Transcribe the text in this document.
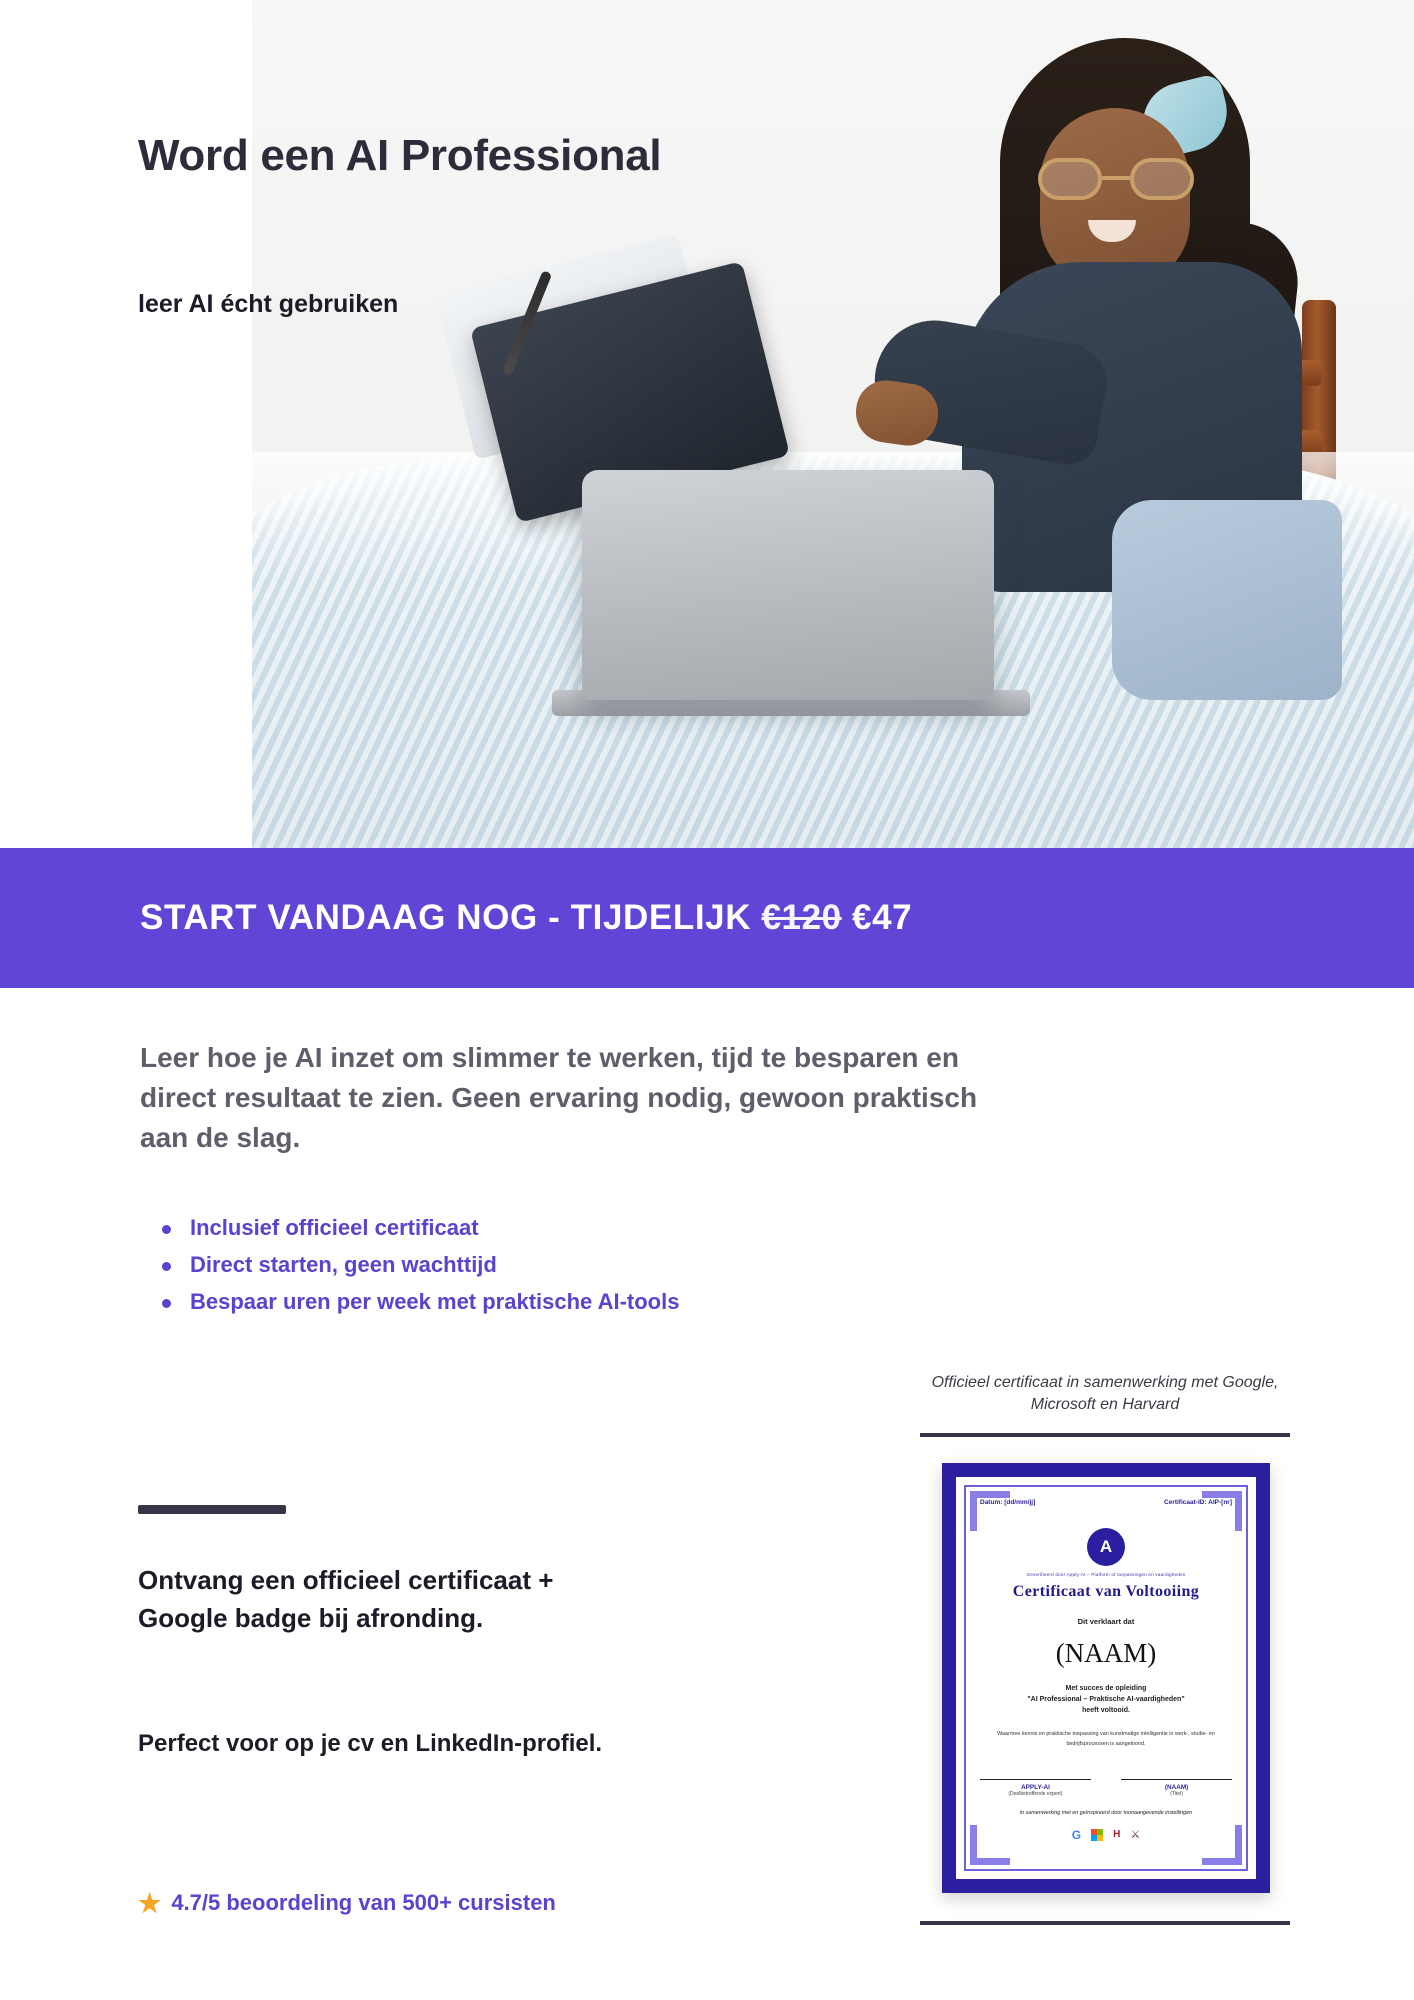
Word een AI Professional
leer AI écht gebruiken
START VANDAAG NOG - TIJDELIJK €120 €47

Leer hoe je AI inzet om slimmer te werken, tijd te besparen en direct resultaat te zien. Geen ervaring nodig, gewoon praktisch aan de slag.

Inclusief officieel certificaat
Direct starten, geen wachttijd
Bespaar uren per week met praktische AI-tools

Ontvang een officieel certificaat + Google badge bij afronding.

Perfect voor op je cv en LinkedIn-profiel.

★ 4.7/5 beoordeling van 500+ cursisten
Officieel certificaat in samenwerking met Google, Microsoft en Harvard
Datum: [dd/mm/jj]	Certificaat-ID: AIP-[nr]
A
Geverifieerd door Apply-AI – Platform of toepassingen en vaardigheden
Certificaat van Voltooiing
Dit verklaart dat
(NAAM)
Met succes de opleiding
"AI Professional – Praktische AI-vaardigheden"
heeft voltooid.
Waarmee kennis en praktische toepassing van kunstmatige intelligentie in werk-, studie- en bedrijfsprocessen is aangetoond.
APPLY-AI
(Deelbetreffende expert)
(NAAM)
(Titel)
in samenwerking met en geïnspireerd door toonaangevende instellingen
G	H ⚔
